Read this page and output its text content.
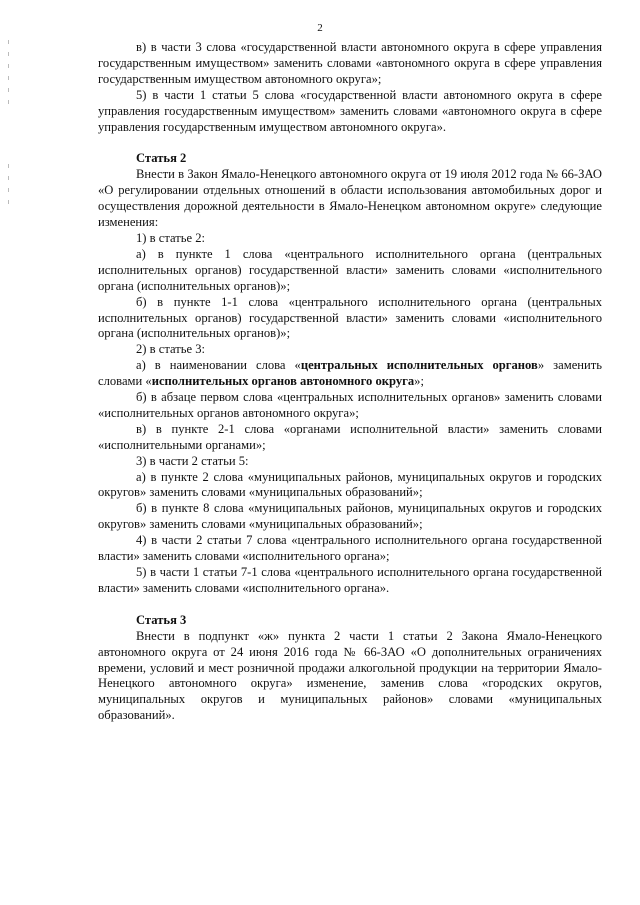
2

в) в части 3 слова «государственной власти автономного округа в сфере управления государственным имуществом» заменить словами «автономного округа в сфере управления государственным имуществом автономного округа»;

5) в части 1 статьи 5 слова «государственной власти автономного округа в сфере управления государственным имуществом» заменить словами «автономного округа в сфере управления государственным имуществом автономного округа».

Статья 2

Внести в Закон Ямало-Ненецкого автономного округа от 19 июля 2012 года № 66-ЗАО «О регулировании отдельных отношений в области использования автомобильных дорог и осуществления дорожной деятельности в Ямало-Ненецком автономном округе» следующие изменения:

1) в статье 2:

а) в пункте 1 слова «центрального исполнительного органа (центральных исполнительных органов) государственной власти» заменить словами «исполнительного органа (исполнительных органов)»;

б) в пункте 1-1 слова «центрального исполнительного органа (центральных исполнительных органов) государственной власти» заменить словами «исполнительного органа (исполнительных органов)»;

2) в статье 3:

а) в наименовании слова «центральных исполнительных органов» заменить словами «исполнительных органов автономного округа»;

б) в абзаце первом слова «центральных исполнительных органов» заменить словами «исполнительных органов автономного округа»;

в) в пункте 2-1 слова «органами исполнительной власти» заменить словами «исполнительными органами»;

3) в части 2 статьи 5:

а) в пункте 2 слова «муниципальных районов, муниципальных округов и городских округов» заменить словами «муниципальных образований»;

б) в пункте 8 слова «муниципальных районов, муниципальных округов и городских округов» заменить словами «муниципальных образований»;

4) в части 2 статьи 7 слова «центрального исполнительного органа государственной власти» заменить словами «исполнительного органа»;

5) в части 1 статьи 7-1 слова «центрального исполнительного органа государственной власти» заменить словами «исполнительного органа».

Статья 3

Внести в подпункт «ж» пункта 2 части 1 статьи 2 Закона Ямало-Ненецкого автономного округа от 24 июня 2016 года № 66-ЗАО «О дополнительных ограничениях времени, условий и мест розничной продажи алкогольной продукции на территории Ямало-Ненецкого автономного округа» изменение, заменив слова «городских округов, муниципальных округов и муниципальных районов» словами «муниципальных образований».
